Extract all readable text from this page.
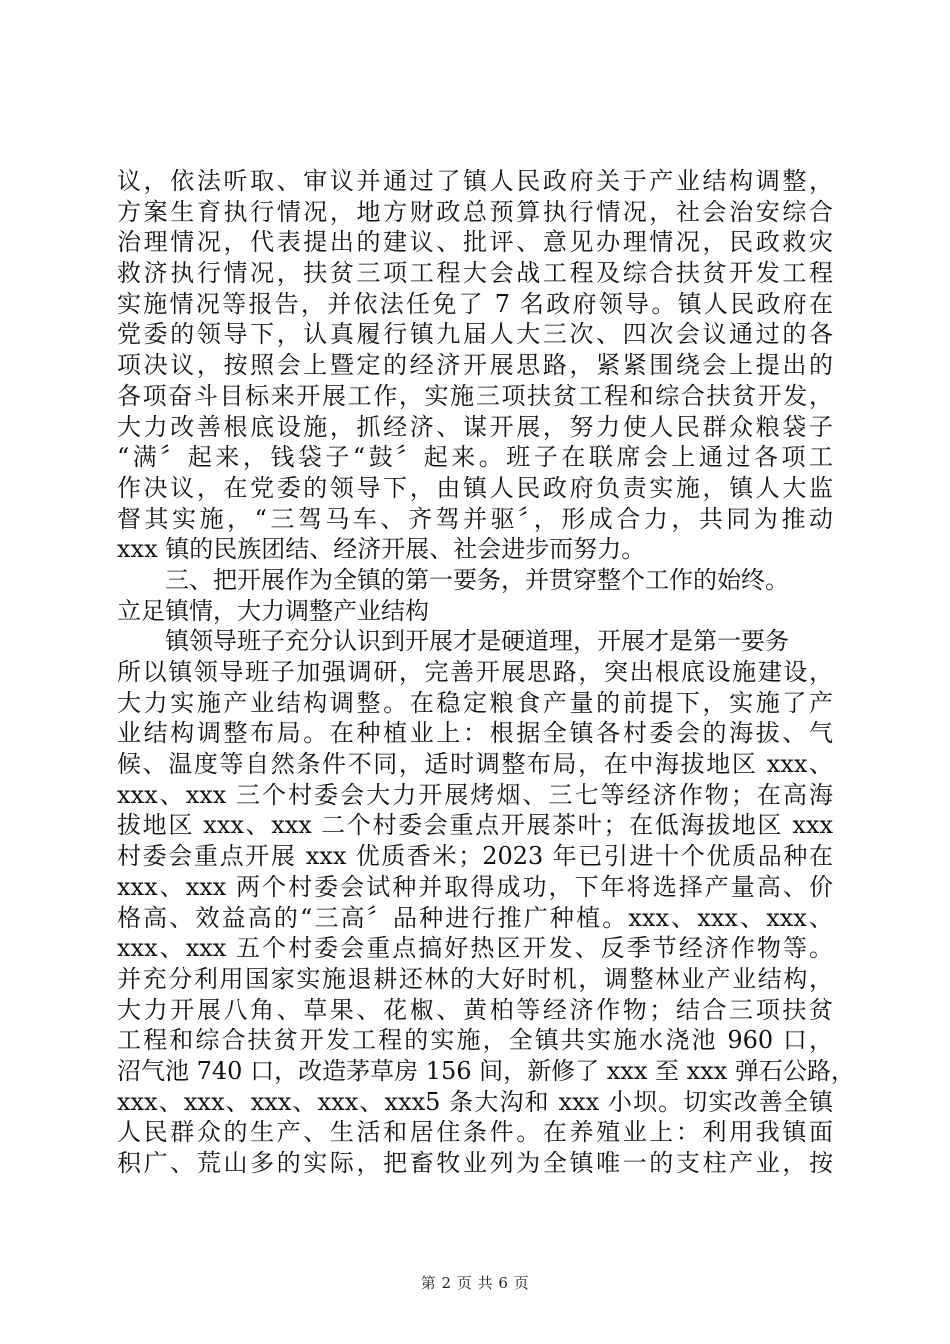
议，依法听取、审议并通过了镇人民政府关于产业结构调整，
方案生育执行情况，地方财政总预算执行情况，社会治安综合
治理情况，代表提出的建议、批评、意见办理情况，民政救灾
救济执行情况，扶贫三项工程大会战工程及综合扶贫开发工程
实施情况等报告，并依法任免了 7 名政府领导。镇人民政府在
党委的领导下，认真履行镇九届人大三次、四次会议通过的各
项决议，按照会上暨定的经济开展思路，紧紧围绕会上提出的
各项奋斗目标来开展工作，实施三项扶贫工程和综合扶贫开发，
大力改善根底设施，抓经济、谋开展，努力使人民群众粮袋子
“满〞起来，钱袋子“鼓〞起来。班子在联席会上通过各项工
作决议，在党委的领导下，由镇人民政府负责实施，镇人大监
督其实施，“三驾马车、齐驾并驱〞，形成合力，共同为推动
xxx 镇的民族团结、经济开展、社会进步而努力。
三、把开展作为全镇的第一要务，并贯穿整个工作的始终。
立足镇情，大力调整产业结构
镇领导班子充分认识到开展才是硬道理，开展才是第一要务
所以镇领导班子加强调研，完善开展思路，突出根底设施建设，
大力实施产业结构调整。在稳定粮食产量的前提下，实施了产
业结构调整布局。在种植业上：根据全镇各村委会的海拔、气
候、温度等自然条件不同，适时调整布局，在中海拔地区 xxx、
xxx、xxx 三个村委会大力开展烤烟、三七等经济作物；在高海
拔地区 xxx、xxx 二个村委会重点开展茶叶；在低海拔地区 xxx
村委会重点开展 xxx 优质香米；2023 年已引进十个优质品种在
xxx、xxx 两个村委会试种并取得成功，下年将选择产量高、价
格高、效益高的“三高〞品种进行推广种植。xxx、xxx、xxx、
xxx、xxx 五个村委会重点搞好热区开发、反季节经济作物等。
并充分利用国家实施退耕还林的大好时机，调整林业产业结构，
大力开展八角、草果、花椒、黄柏等经济作物；结合三项扶贫
工程和综合扶贫开发工程的实施，全镇共实施水浇池 960 口，
沼气池 740 口，改造茅草房 156 间，新修了 xxx 至 xxx 弹石公路，
xxx、xxx、xxx、xxx、xxx5 条大沟和 xxx 小坝。切实改善全镇
人民群众的生产、生活和居住条件。在养殖业上：利用我镇面
积广、荒山多的实际，把畜牧业列为全镇唯一的支柱产业，按
第 2 页 共 6 页
